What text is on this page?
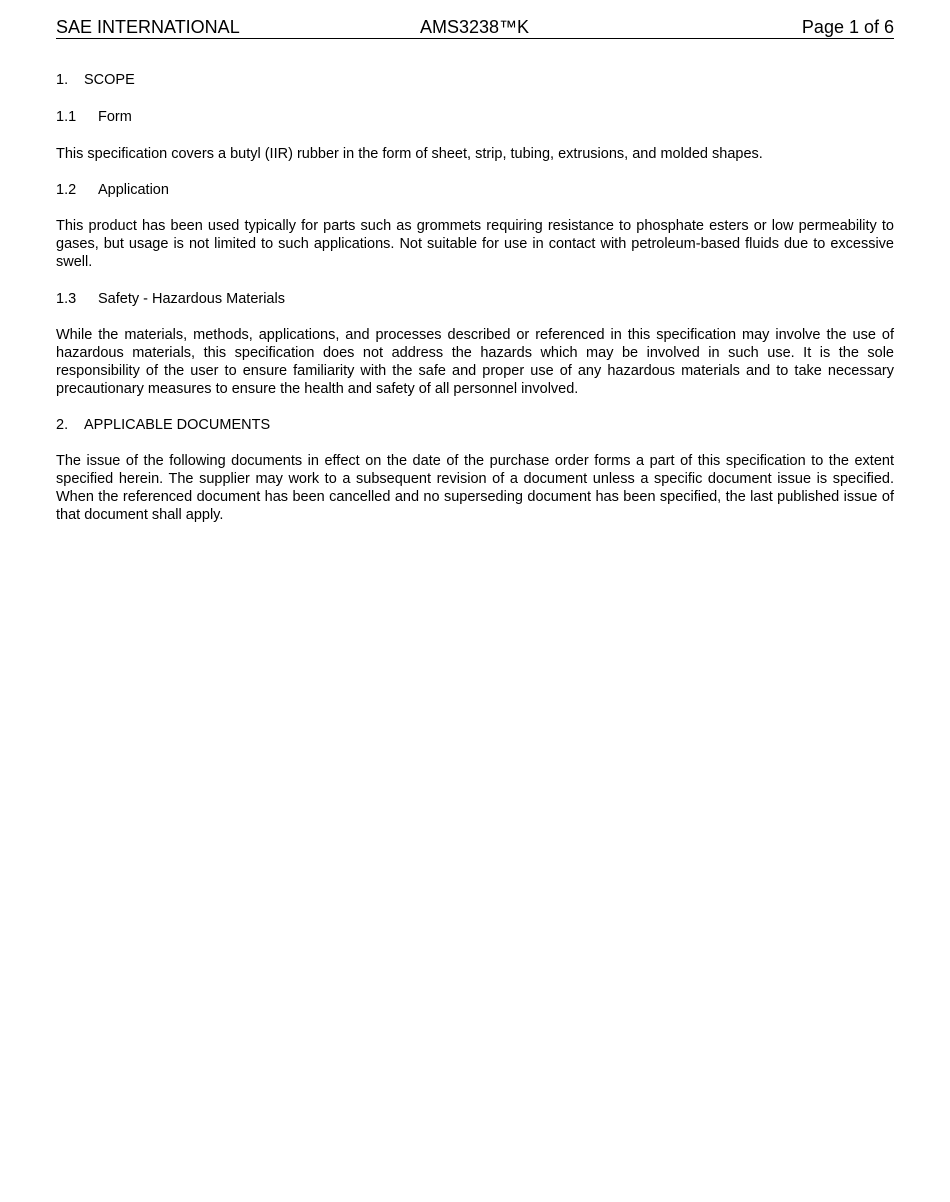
SAE INTERNATIONAL	AMS3238™K	Page 1 of 6
1. SCOPE
1.1 Form
This specification covers a butyl (IIR) rubber in the form of sheet, strip, tubing, extrusions, and molded shapes.
1.2 Application
This product has been used typically for parts such as grommets requiring resistance to phosphate esters or low permeability to gases, but usage is not limited to such applications. Not suitable for use in contact with petroleum-based fluids due to excessive swell.
1.3 Safety - Hazardous Materials
While the materials, methods, applications, and processes described or referenced in this specification may involve the use of hazardous materials, this specification does not address the hazards which may be involved in such use. It is the sole responsibility of the user to ensure familiarity with the safe and proper use of any hazardous materials and to take necessary precautionary measures to ensure the health and safety of all personnel involved.
2. APPLICABLE DOCUMENTS
The issue of the following documents in effect on the date of the purchase order forms a part of this specification to the extent specified herein. The supplier may work to a subsequent revision of a document unless a specific document issue is specified. When the referenced document has been cancelled and no superseding document has been specified, the last published issue of that document shall apply.
